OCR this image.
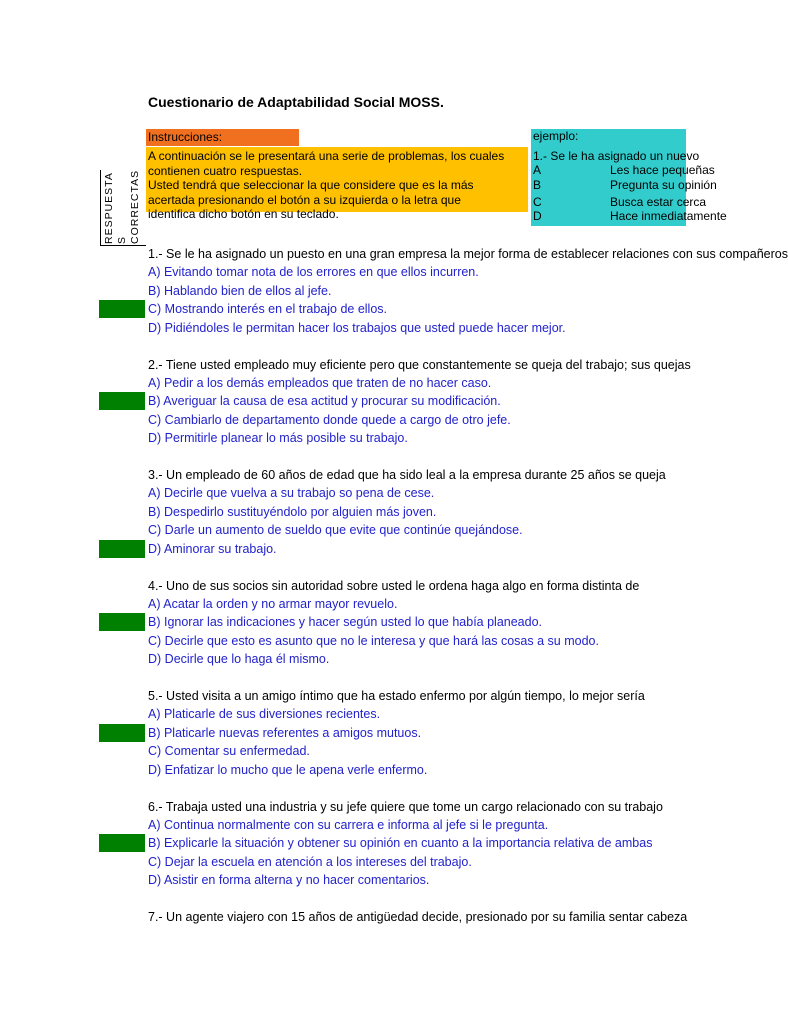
Cuestionario de Adaptabilidad Social MOSS.
Instrucciones:
A continuación se le presentará una serie de problemas, los cuales
contienen cuatro respuestas.
Usted tendrá que seleccionar la que considere que es la más
acertada presionando el botón a su izquierda o la letra que
identifica dicho botón en su teclado.
ejemplo:
1.- Se le ha asignado un nuevo
A	Les hace pequeñas
B	Pregunta su opinión
C	Busca estar cerca
D	Hace inmediatamente
RESPUESTA S CORRECTAS
1.- Se le ha asignado un puesto en una gran empresa la mejor forma de establecer relaciones con sus compañeros
A) Evitando tomar nota de los errores en que ellos incurren.
B) Hablando bien de ellos al jefe.
C) Mostrando interés en el trabajo de ellos.
D) Pidiéndoles le permitan hacer los trabajos que usted puede hacer mejor.
2.- Tiene usted empleado muy eficiente pero que constantemente se queja del trabajo; sus quejas
A) Pedir a los demás empleados que traten de no hacer caso.
B) Averiguar la causa de esa actitud y procurar su modificación.
C) Cambiarlo de departamento donde quede a cargo de otro jefe.
D) Permitirle planear lo más posible su trabajo.
3.- Un empleado de 60 años de edad que ha sido leal a la empresa durante 25 años se queja
A) Decirle que vuelva a su trabajo so pena de cese.
B) Despedirlo sustituyéndolo por alguien más joven.
C) Darle un aumento de sueldo que evite que continúe quejándose.
D) Aminorar su trabajo.
4.- Uno de sus socios sin autoridad sobre usted le ordena haga algo en forma distinta de
A) Acatar la orden y no armar mayor revuelo.
B) Ignorar las indicaciones y hacer según usted lo que había planeado.
C) Decirle que esto es asunto que no le interesa y que hará las cosas a su modo.
D) Decirle que lo haga él mismo.
5.- Usted visita a un amigo íntimo que ha estado enfermo por algún tiempo, lo mejor sería
A) Platicarle de sus diversiones recientes.
B) Platicarle nuevas referentes a amigos mutuos.
C) Comentar su enfermedad.
D) Enfatizar lo mucho que le apena verle enfermo.
6.- Trabaja usted una industria y su jefe quiere que tome un cargo relacionado con su trabajo
A) Continua normalmente con su carrera e informa al jefe si le pregunta.
B) Explicarle la situación y obtener su opinión en cuanto a la importancia relativa de ambas
C) Dejar la escuela en atención a los intereses del trabajo.
D) Asistir en forma alterna y no hacer comentarios.
7.- Un agente viajero con 15 años de antigüedad decide, presionado por su familia sentar cabeza
